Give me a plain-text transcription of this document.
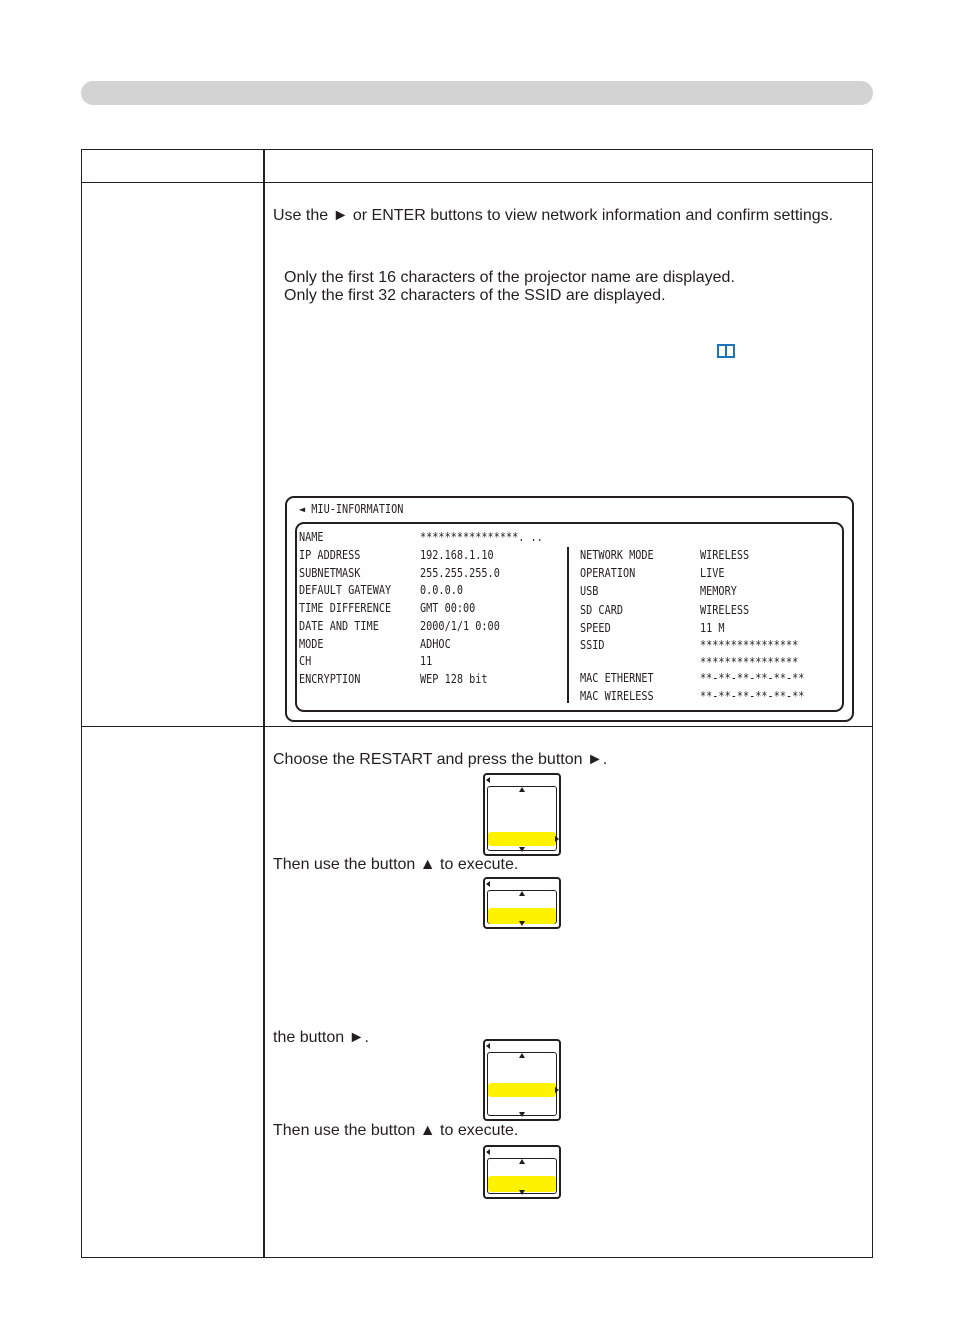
Use the ► or ENTER buttons to view network information and confirm settings.
Only the first 16 characters of the projector name are displayed.
Only the first 32 characters of the SSID are displayed.
◄ MIU-INFORMATION
NAME	****************. ..
IP ADDRESS	192.168.1.10
SUBNETMASK	255.255.255.0
DEFAULT GATEWAY 0.0.0.0
TIME DIFFERENCE GMT 00:00
DATE AND TIME	2000/1/1 0:00
MODE	ADHOC
CH	11
ENCRYPTION	WEP 128 bit
NETWORK MODE	WIRELESS
OPERATION	LIVE
USB	MEMORY
SD CARD	WIRELESS
SPEED	11 M
SSID	****************
****************
MAC ETHERNET	**-**-**-**-**-**
MAC WIRELESS	**-**-**-**-**-**
Choose the RESTART and press the button ►.
Then use the button ▲ to execute.
the button ►.
Then use the button ▲ to execute.
